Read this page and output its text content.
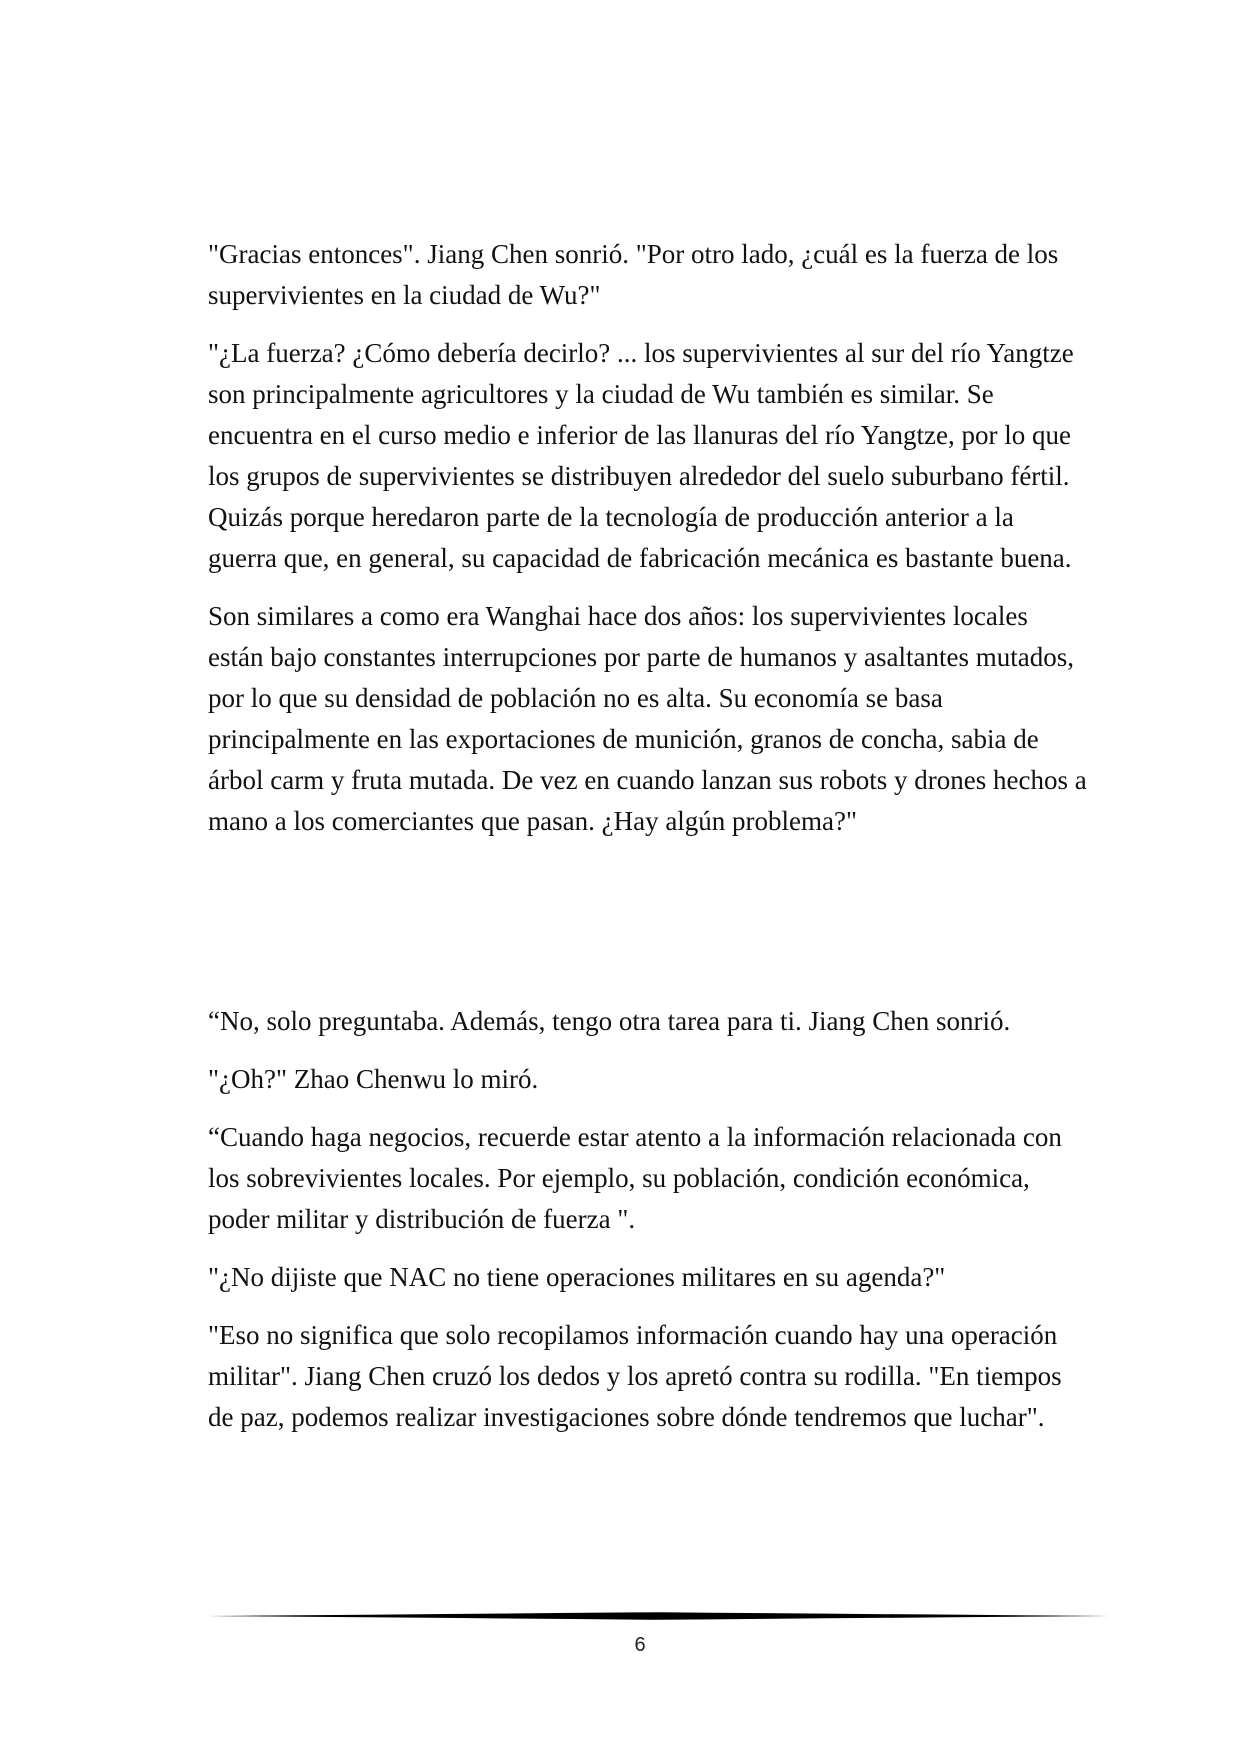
"Gracias entonces". Jiang Chen sonrió. "Por otro lado, ¿cuál es la fuerza de los supervivientes en la ciudad de Wu?"

"¿La fuerza? ¿Cómo debería decirlo? ... los supervivientes al sur del río Yangtze son principalmente agricultores y la ciudad de Wu también es similar. Se encuentra en el curso medio e inferior de las llanuras del río Yangtze, por lo que los grupos de supervivientes se distribuyen alrededor del suelo suburbano fértil. Quizás porque heredaron parte de la tecnología de producción anterior a la guerra que, en general, su capacidad de fabricación mecánica es bastante buena.

Son similares a como era Wanghai hace dos años: los supervivientes locales están bajo constantes interrupciones por parte de humanos y asaltantes mutados, por lo que su densidad de población no es alta. Su economía se basa principalmente en las exportaciones de munición, granos de concha, sabia de árbol carm y fruta mutada. De vez en cuando lanzan sus robots y drones hechos a mano a los comerciantes que pasan. ¿Hay algún problema?"

“No, solo preguntaba. Además, tengo otra tarea para ti. Jiang Chen sonrió.

"¿Oh?" Zhao Chenwu lo miró.

“Cuando haga negocios, recuerde estar atento a la información relacionada con los sobrevivientes locales. Por ejemplo, su población, condición económica, poder militar y distribución de fuerza ".

"¿No dijiste que NAC no tiene operaciones militares en su agenda?"

"Eso no significa que solo recopilamos información cuando hay una operación militar". Jiang Chen cruzó los dedos y los apretó contra su rodilla. "En tiempos de paz, podemos realizar investigaciones sobre dónde tendremos que luchar".

6
